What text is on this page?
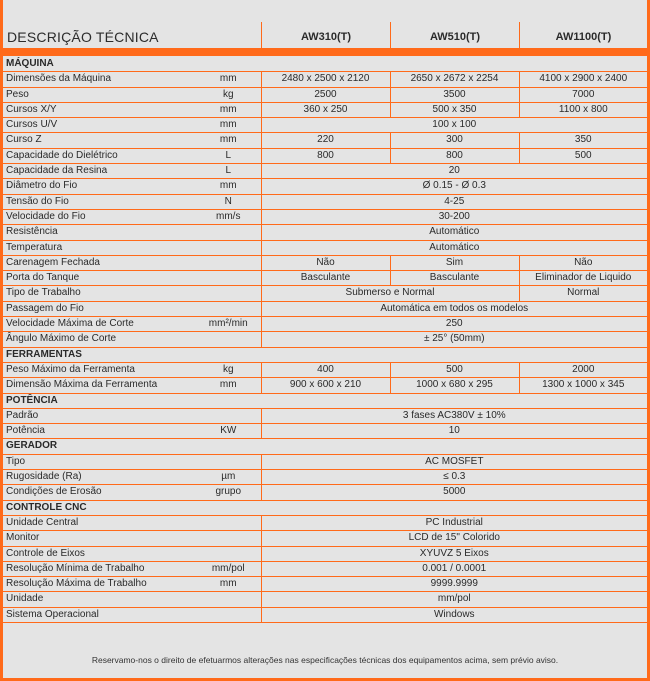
DESCRIÇÃO TÉCNICA	AW310(T)	AW510(T)	AW1100(T)
MÁQUINA				
Dimensões da Máquina	mm	2480 x 2500 x 2120	2650 x 2672 x 2254	4100 x 2900 x 2400
Peso	kg	2500	3500	7000
Cursos X/Y	mm	360 x 250	500 x 350	1100 x 800
Cursos U/V	mm	100 x 100		
Curso Z	mm	220	300	350
Capacidade do Dielétrico	L	800	800	500
Capacidade da Resina	L	20		
Diâmetro do Fio	mm	Ø 0.15 - Ø 0.3		
Tensão do Fio	N	4-25		
Velocidade do Fio	mm/s	30-200		
Resistência		Automático		
Temperatura		Automático		
Carenagem Fechada		Não	Sim	Não
Porta do Tanque		Basculante	Basculante	Eliminador de Liquido
Tipo de Trabalho		Submerso e Normal		Normal
Passagem do Fio		Automática em todos os modelos		
Velocidade Máxima de Corte	mm²/min	250		
Ângulo Máximo de Corte		± 25° (50mm)		
FERRAMENTAS				
Peso Máximo da Ferramenta	kg	400	500	2000
Dimensão Máxima da Ferramenta	mm	900 x 600 x 210	1000 x 680 x 295	1300 x 1000 x 345
POTÊNCIA				
Padrão		3 fases AC380V ± 10%		
Potência	KW	10		
GERADOR				
Tipo		AC MOSFET		
Rugosidade (Ra)	µm	≤ 0.3		
Condições de Erosão	grupo	5000		
CONTROLE CNC				
Unidade Central		PC Industrial		
Monitor		LCD de 15" Colorido		
Controle de Eixos		XYUVZ 5 Eixos		
Resolução Mínima de Trabalho	mm/pol	0.001 / 0.0001		
Resolução Máxima de Trabalho	mm	9999.9999		
Unidade		mm/pol		
Sistema Operacional		Windows		
Reservamo-nos o direito de efetuarmos alterações nas especificações técnicas dos equipamentos acima, sem prévio aviso.
